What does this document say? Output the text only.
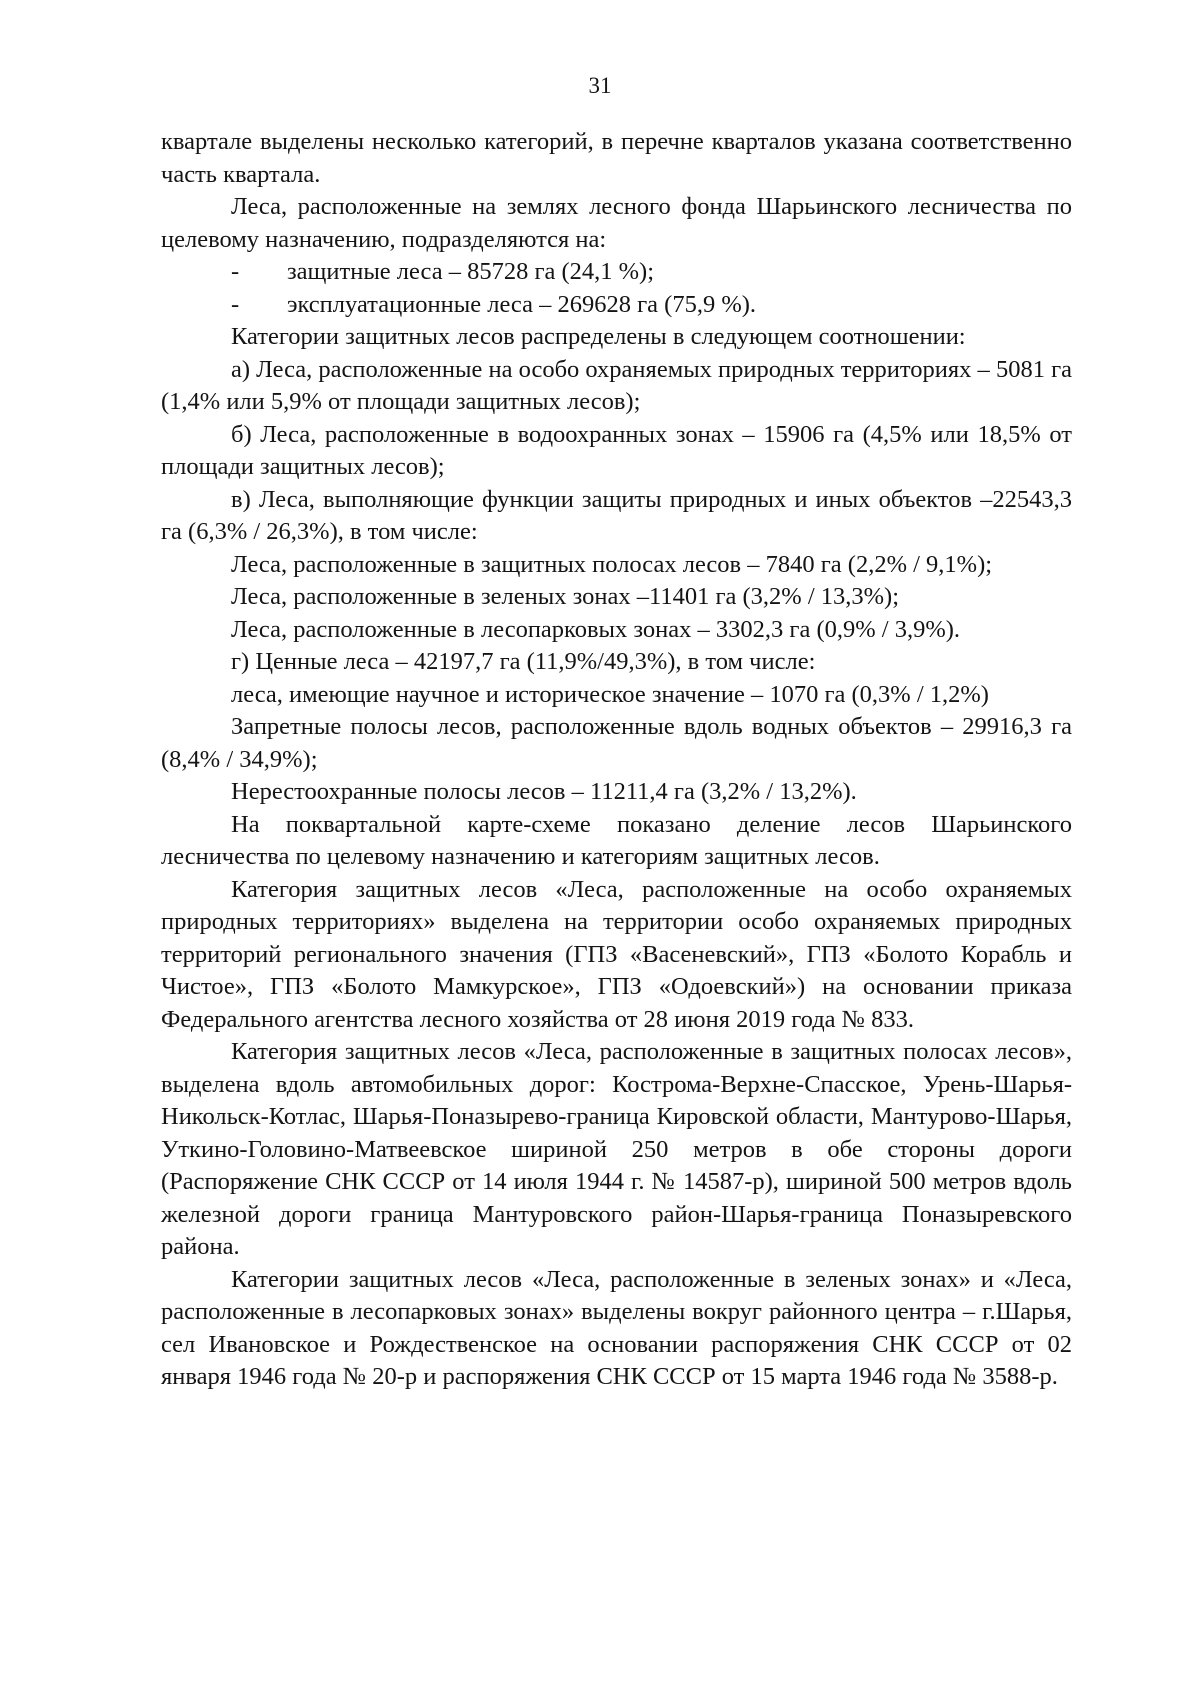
31

квартале выделены несколько категорий, в перечне кварталов указана соответственно часть квартала.

Леса, расположенные на землях лесного фонда Шарьинского лесничества по целевому назначению, подразделяются на:

-	защитные леса – 85728 га (24,1 %);

-	эксплуатационные леса – 269628 га (75,9 %).

Категории защитных лесов распределены в следующем соотношении:

а) Леса, расположенные на особо охраняемых природных территориях – 5081 га (1,4% или 5,9% от площади защитных лесов);

б) Леса, расположенные в водоохранных зонах – 15906 га (4,5% или 18,5% от площади защитных лесов);

в) Леса, выполняющие функции защиты природных и иных объектов –22543,3 га (6,3% / 26,3%), в том числе:

Леса, расположенные в защитных полосах лесов – 7840 га (2,2% / 9,1%);

Леса, расположенные в зеленых зонах –11401 га (3,2% / 13,3%);

Леса, расположенные в лесопарковых зонах – 3302,3 га (0,9% / 3,9%).

г) Ценные леса – 42197,7 га (11,9%/49,3%), в том числе:

леса, имеющие научное и историческое значение – 1070 га (0,3% / 1,2%)

Запретные полосы лесов, расположенные вдоль водных объектов – 29916,3 га (8,4% / 34,9%);

Нерестоохранные полосы лесов – 11211,4 га (3,2% / 13,2%).

На поквартальной карте-схеме показано деление лесов Шарьинского лесничества по целевому назначению и категориям защитных лесов.

Категория защитных лесов «Леса, расположенные на особо охраняемых природных территориях» выделена на территории особо охраняемых природных территорий регионального значения (ГПЗ «Васеневский», ГПЗ «Болото Корабль и Чистое», ГПЗ «Болото Мамкурское», ГПЗ «Одоевский») на основании приказа Федерального агентства лесного хозяйства от 28 июня 2019 года № 833.

Категория защитных лесов «Леса, расположенные в защитных полосах лесов», выделена вдоль автомобильных дорог: Кострома-Верхне-Спасское, Урень-Шарья-Никольск-Котлас, Шарья-Поназырево-граница Кировской области, Мантурово-Шарья, Уткино-Головино-Матвеевское шириной 250 метров в обе стороны дороги (Распоряжение СНК СССР от 14 июля 1944 г. № 14587-р), шириной 500 метров вдоль железной дороги граница Мантуровского район-Шарья-граница Поназыревского района.

Категории защитных лесов «Леса, расположенные в зеленых зонах» и «Леса, расположенные в лесопарковых зонах» выделены вокруг районного центра – г.Шарья, сел Ивановское и Рождественское на основании распоряжения СНК СССР от 02 января 1946 года № 20-р и распоряжения СНК СССР от 15 марта 1946 года № 3588-р.
